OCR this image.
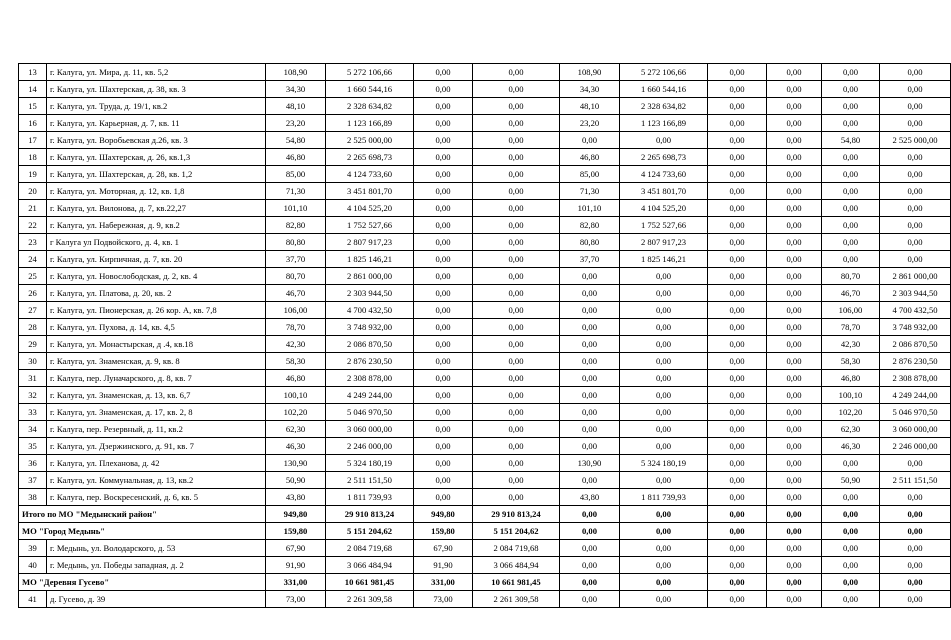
13	г. Калуга, ул. Мира, д. 11, кв. 5,2	108,90	5 272 106,66	0,00	0,00	108,90	5 272 106,66	0,00	0,00	0,00	0,00
14	г. Калуга, ул. Шахтерская, д. 38, кв. 3	34,30	1 660 544,16	0,00	0,00	34,30	1 660 544,16	0,00	0,00	0,00	0,00
15	г. Калуга, ул. Труда, д. 19/1, кв.2	48,10	2 328 634,82	0,00	0,00	48,10	2 328 634,82	0,00	0,00	0,00	0,00
16	г. Калуга, ул. Карьерная, д. 7, кв. 11	23,20	1 123 166,89	0,00	0,00	23,20	1 123 166,89	0,00	0,00	0,00	0,00
17	г. Калуга, ул. Воробьевская д.26, кв. 3	54,80	2 525 000,00	0,00	0,00	0,00	0,00	0,00	0,00	54,80	2 525 000,00
18	г. Калуга, ул. Шахтерская, д. 26, кв.1,3	46,80	2 265 698,73	0,00	0,00	46,80	2 265 698,73	0,00	0,00	0,00	0,00
19	г. Калуга, ул. Шахтерская, д. 28, кв. 1,2	85,00	4 124 733,60	0,00	0,00	85,00	4 124 733,60	0,00	0,00	0,00	0,00
20	г. Калуга, ул. Моторная, д. 12, кв. 1,8	71,30	3 451 801,70	0,00	0,00	71,30	3 451 801,70	0,00	0,00	0,00	0,00
21	г. Калуга, ул. Вилонова, д. 7, кв.22,27	101,10	4 104 525,20	0,00	0,00	101,10	4 104 525,20	0,00	0,00	0,00	0,00
22	г. Калуга, ул. Набережная, д. 9, кв.2	82,80	1 752 527,66	0,00	0,00	82,80	1 752 527,66	0,00	0,00	0,00	0,00
23	г Калуга ул Подвойского, д. 4, кв. 1	80,80	2 807 917,23	0,00	0,00	80,80	2 807 917,23	0,00	0,00	0,00	0,00
24	г. Калуга, ул. Кирпичная, д. 7, кв. 20	37,70	1 825 146,21	0,00	0,00	37,70	1 825 146,21	0,00	0,00	0,00	0,00
25	г. Калуга, ул. Новослободская, д. 2, кв. 4	80,70	2 861 000,00	0,00	0,00	0,00	0,00	0,00	0,00	80,70	2 861 000,00
26	г. Калуга, ул. Платова, д. 20, кв. 2	46,70	2 303 944,50	0,00	0,00	0,00	0,00	0,00	0,00	46,70	2 303 944,50
27	г. Калуга, ул. Пионерская, д. 26 кор. А, кв. 7,8	106,00	4 700 432,50	0,00	0,00	0,00	0,00	0,00	0,00	106,00	4 700 432,50
28	г. Калуга, ул. Пухова, д. 14, кв. 4,5	78,70	3 748 932,00	0,00	0,00	0,00	0,00	0,00	0,00	78,70	3 748 932,00
29	г. Калуга, ул. Монастырская, д .4, кв.18	42,30	2 086 870,50	0,00	0,00	0,00	0,00	0,00	0,00	42,30	2 086 870,50
30	г. Калуга, ул. Знаменская, д. 9, кв. 8	58,30	2 876 230,50	0,00	0,00	0,00	0,00	0,00	0,00	58,30	2 876 230,50
31	г. Калуга, пер. Луначарского, д. 8, кв. 7	46,80	2 308 878,00	0,00	0,00	0,00	0,00	0,00	0,00	46,80	2 308 878,00
32	г. Калуга, ул. Знаменская, д. 13, кв. 6,7	100,10	4 249 244,00	0,00	0,00	0,00	0,00	0,00	0,00	100,10	4 249 244,00
33	г. Калуга, ул. Знаменская, д. 17, кв. 2, 8	102,20	5 046 970,50	0,00	0,00	0,00	0,00	0,00	0,00	102,20	5 046 970,50
34	г. Калуга, пер. Резервный, д. 11, кв.2	62,30	3 060 000,00	0,00	0,00	0,00	0,00	0,00	0,00	62,30	3 060 000,00
35	г. Калуга, ул. Дзержинского, д. 91, кв. 7	46,30	2 246 000,00	0,00	0,00	0,00	0,00	0,00	0,00	46,30	2 246 000,00
36	г. Калуга, ул. Плеханова, д. 42	130,90	5 324 180,19	0,00	0,00	130,90	5 324 180,19	0,00	0,00	0,00	0,00
37	г. Калуга, ул. Коммунальная, д. 13, кв.2	50,90	2 511 151,50	0,00	0,00	0,00	0,00	0,00	0,00	50,90	2 511 151,50
38	г. Калуга, пер. Воскресенский, д. 6, кв. 5	43,80	1 811 739,93	0,00	0,00	43,80	1 811 739,93	0,00	0,00	0,00	0,00
Итого по МО "Медынский район"		949,80	29 910 813,24	949,80	29 910 813,24	0,00	0,00	0,00	0,00	0,00	0,00
МО "Город Медынь"		159,80	5 151 204,62	159,80	5 151 204,62	0,00	0,00	0,00	0,00	0,00	0,00
39	г. Медынь, ул. Володарского, д. 53	67,90	2 084 719,68	67,90	2 084 719,68	0,00	0,00	0,00	0,00	0,00	0,00
40	г. Медынь, ул. Победы западная, д. 2	91,90	3 066 484,94	91,90	3 066 484,94	0,00	0,00	0,00	0,00	0,00	0,00
МО "Деревня Гусево"		331,00	10 661 981,45	331,00	10 661 981,45	0,00	0,00	0,00	0,00	0,00	0,00
41	д. Гусево, д. 39	73,00	2 261 309,58	73,00	2 261 309,58	0,00	0,00	0,00	0,00	0,00	0,00
